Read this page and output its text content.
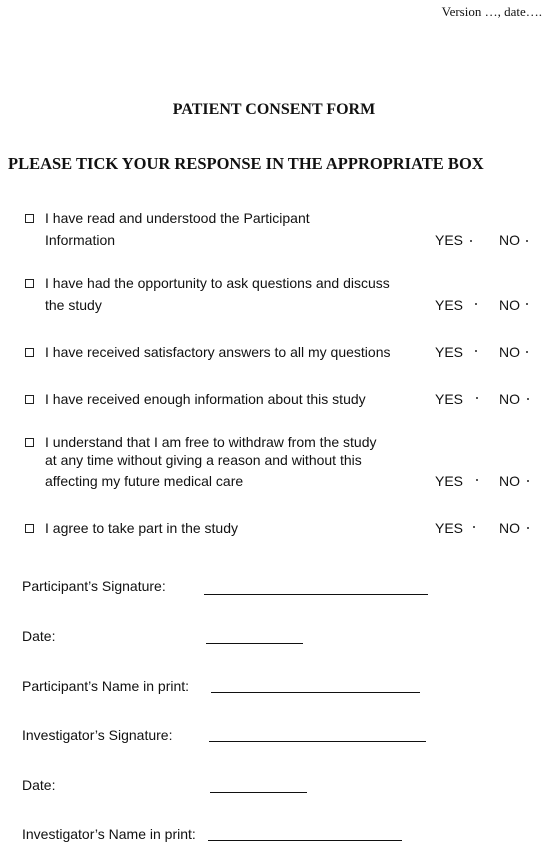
Version …, date….
PATIENT CONSENT FORM
PLEASE TICK YOUR RESPONSE IN THE APPROPRIATE BOX
I have read and understood the Participant
Information	YES	NO
I have had the opportunity to ask questions and discuss
the study	YES	NO
I have received satisfactory answers to all my questions	YES	NO
I have received enough information about this study	YES	NO
I understand that I am free to withdraw from the study
at any time without giving a reason and without this
affecting my future medical care	YES	NO
I agree to take part in the study	YES	NO
Participant’s Signature:
Date:
Participant’s Name in print:
Investigator’s Signature:
Date:
Investigator’s Name in print:
